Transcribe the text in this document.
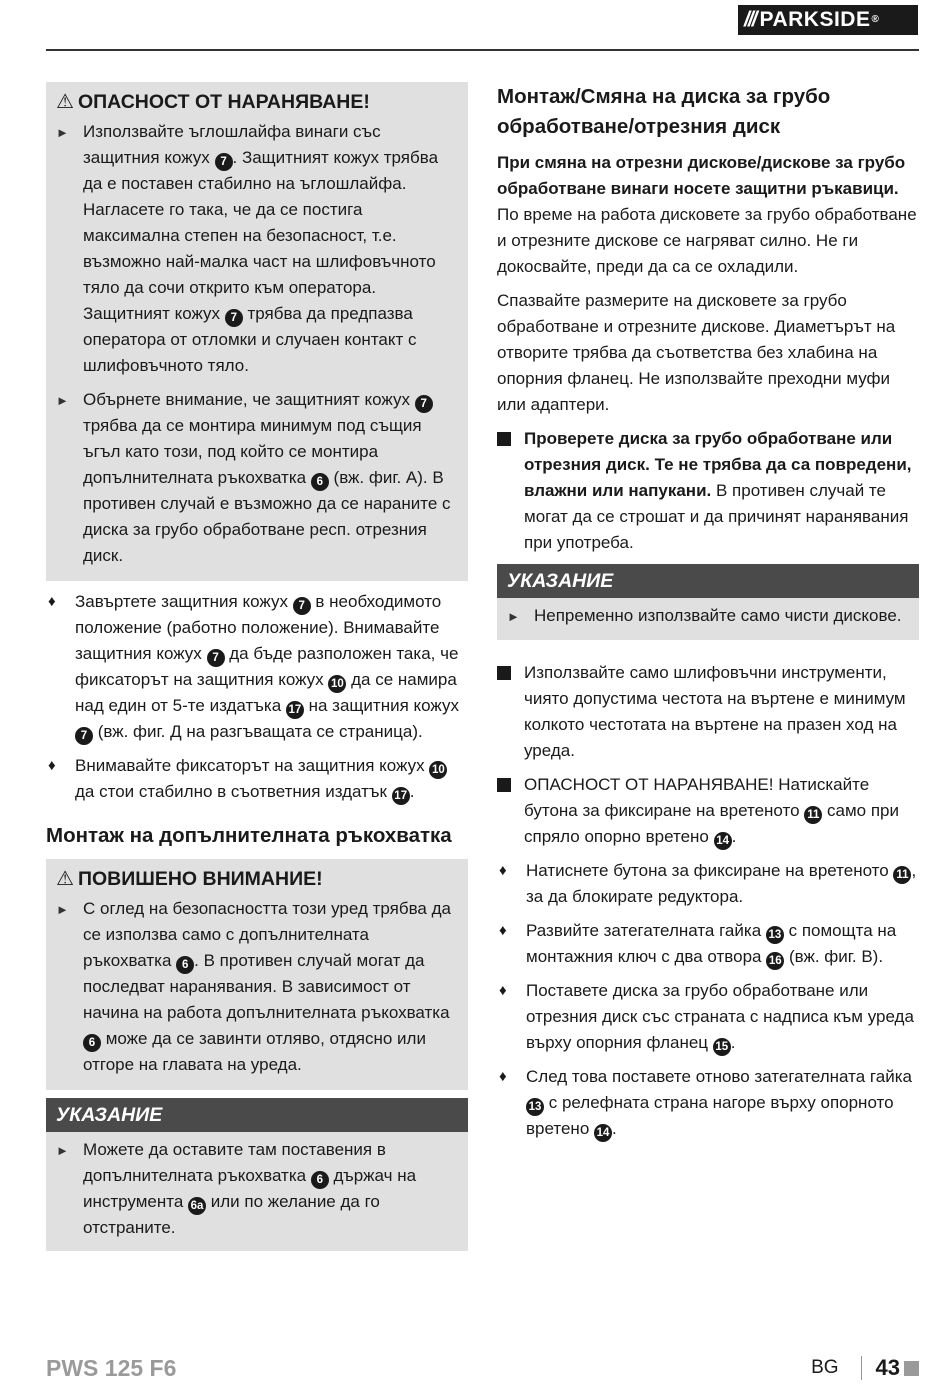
/// PARKSIDE ®
⚠ ОПАСНОСТ ОТ НАРАНЯВАНЕ!
► Използвайте ъглошлайфа винаги със защитния кожух 7 . Защитният кожух трябва да е поставен стабилно на ъглошлайфа. Нагласете го така, че да се постига максимална степен на безопасност, т.е. възможно най-малка част на шлифовъчното тяло да сочи открито към оператора. Защитният кожух 7 трябва да предпазва оператора от отломки и случаен контакт с шлифовъчното тяло.
► Обърнете внимание, че защитният кожух 7 трябва да се монтира минимум под същия ъгъл като този, под който се монтира допълнителната ръкохватка 6 (вж. фиг. A). В противен случай е възможно да се нараните с диска за грубо обработване респ. отрезния диск.
♦	Завъртете защитния кожух 7 в необходимото положение (работно положение). Внимавайте защитния кожух 7 да бъде разположен така, че фиксаторът на защитния кожух 10 да се намира над един от 5-те издатъка 17 на защитния кожух 7 (вж. фиг. Д на разгъващата се страница).
♦	Внимавайте фиксаторът на защитния кожух 10 да стои стабилно в съответния издатък 17 .
Монтаж на допълнителната ръкохватка
⚠ ПОВИШЕНО ВНИМАНИЕ!
► С оглед на безопасността този уред трябва да се използва само с допълнителната ръкохватка 6 . В противен случай могат да последват наранявания. В зависимост от начина на работа допълнителната ръкохватка 6 може да се завинти отляво, отдясно или отгоре на главата на уреда.
УКАЗАНИЕ
► Можете да оставите там поставения в допълнителната ръкохватка 6 държач на инструмента 6a или по желание да го отстраните.
Монтаж/Смяна на диска за грубо обработване/отрезния диск
При смяна на отрезни дискове/дискове за грубо обработване винаги носете защитни ръкавици. По време на работа дисковете за грубо обработване и отрезните дискове се нагряват силно. Не ги докосвайте, преди да са се охладили.
Спазвайте размерите на дисковете за грубо обработване и отрезните дискове. Диаметърът на отворите трябва да съответства без хлабина на опорния фланец. Не използвайте преходни муфи или адаптери.
Проверете диска за грубо обработване или отрезния диск. Те не трябва да са повредени, влажни или напукани. В противен случай те могат да се строшат и да причинят наранявания при употреба.
УКАЗАНИЕ
► Непременно използвайте само чисти дискове.
Използвайте само шлифовъчни инструменти, чиято допустима честота на въртене е минимум колкото честотата на въртене на празен ход на уреда.
ОПАСНОСТ ОТ НАРАНЯВАНЕ! Натискайте бутона за фиксиране на вретеното 11 само при спряло опорно вретено 14 .
♦	Натиснете бутона за фиксиране на вретеното 11 , за да блокирате редуктора.
♦	Развийте затегателната гайка 13 с помощта на монтажния ключ с два отвора 16 (вж. фиг. B).
♦	Поставете диска за грубо обработване или отрезния диск със страната с надписа към уреда върху опорния фланец 15 .
♦	След това поставете отново затегателната гайка 13 с релефната страна нагоре върху опорното вретено 14 .
PWS 125 F6	BG 43
